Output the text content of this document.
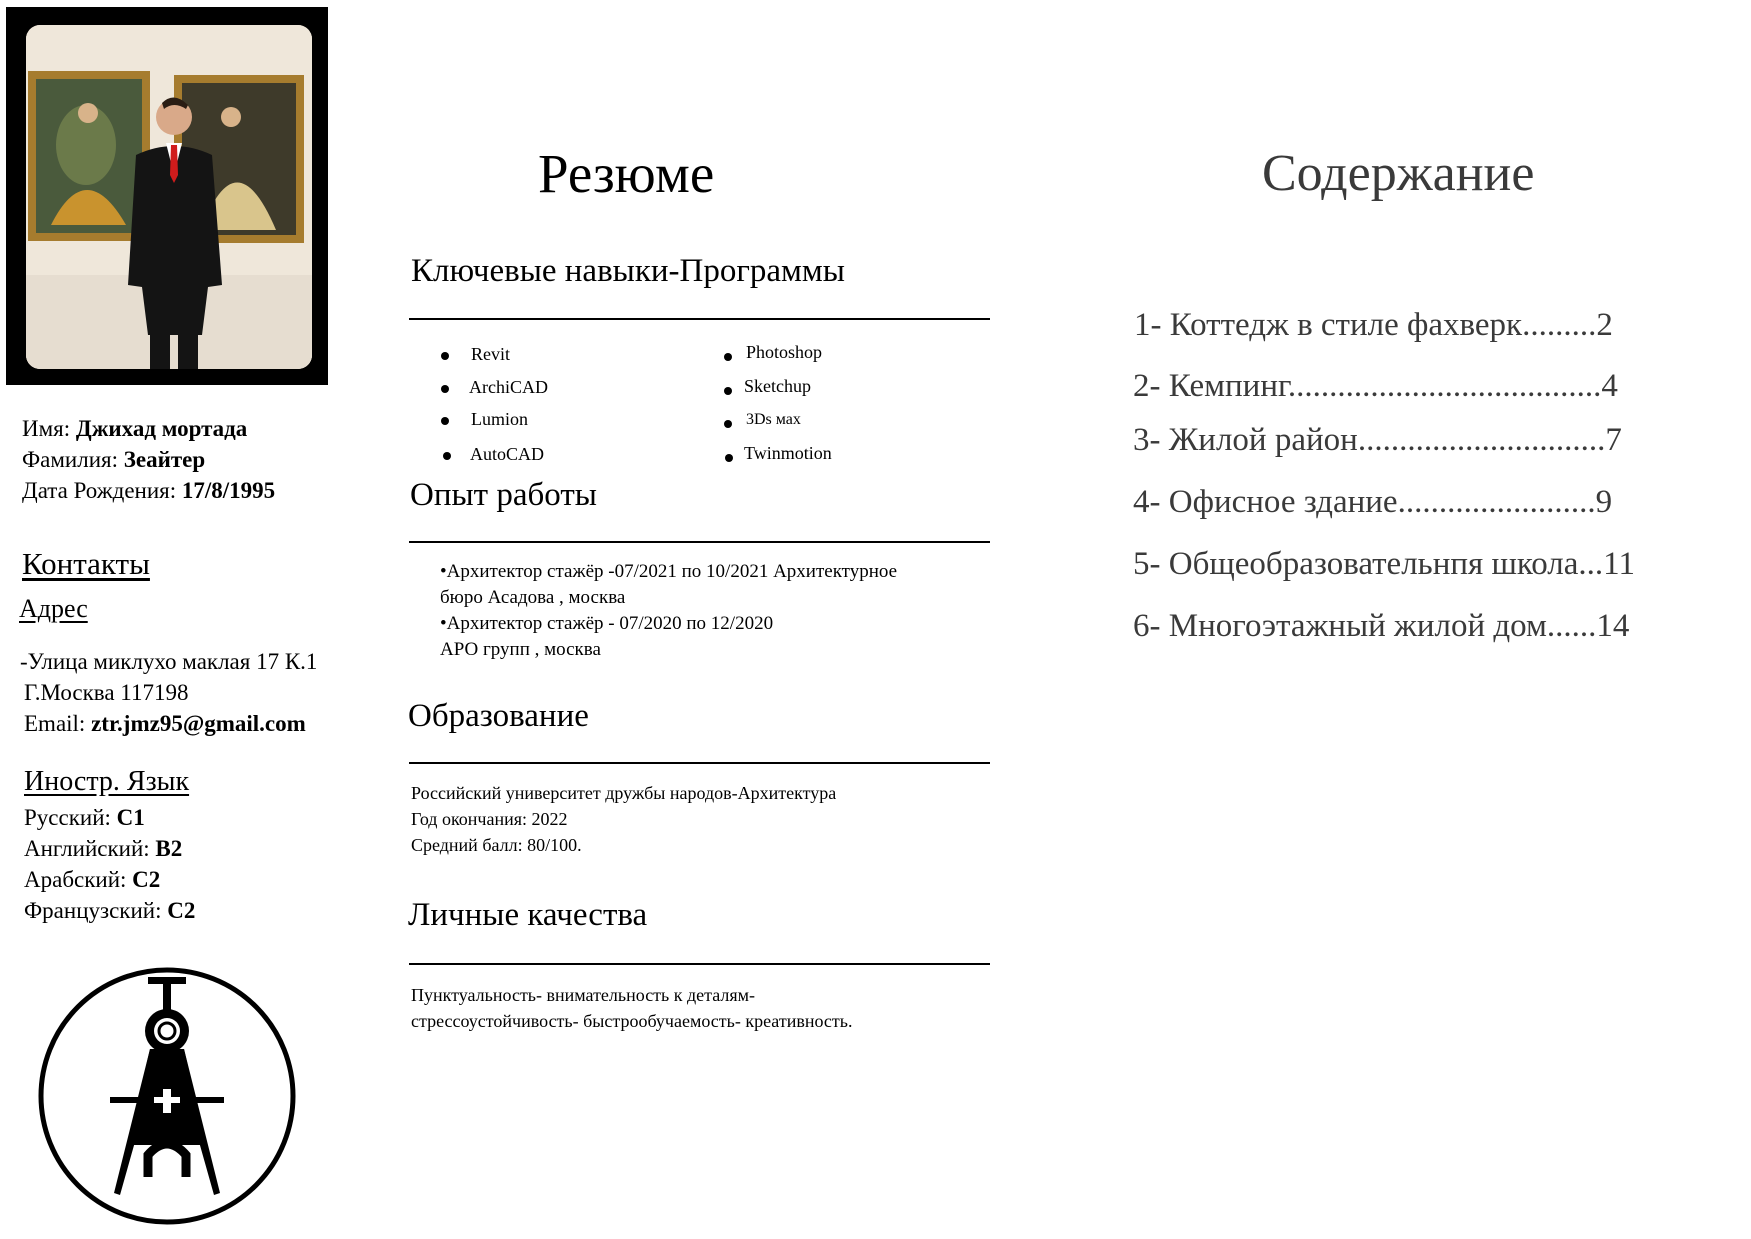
Имя: Джихад мортада
Фамилия: Зеайтер
Дата Рождения: 17/8/1995
Контакты
Адрес
-Улица миклухо маклая 17 К.1
Г.Москва 117198
Email: ztr.jmz95@gmail.com
Иностр. Язык
Русский: C1
Английский: B2
Арабский: C2
Французский: C2
Резюме
Ключевые навыки-Программы
Revit
ArchiCAD
Lumion
AutoCAD
Photoshop
Sketchup
3Ds мах
Twinmotion
Опыт работы
•Архитектор стажёр -07/2021 по 10/2021 Архитектурное
бюро Асадова , москва
•Архитектор стажёр - 07/2020 по 12/2020
АРО групп , москва
Образование
Российский университет дружбы народов-Архитектура
Год окончания: 2022
Средний балл: 80/100.
Личные качества
Пунктуальность- внимательность к деталям-
стрессоустойчивость- быстрообучаемость- креативность.
Содержание
1- Коттедж в стиле фахверк.........2
2- Кемпинг......................................4
3- Жилой район..............................7
4- Офисное здание........................9
5- Общеобразовательнпя школа...11
6- Многоэтажный жилой дом......14
